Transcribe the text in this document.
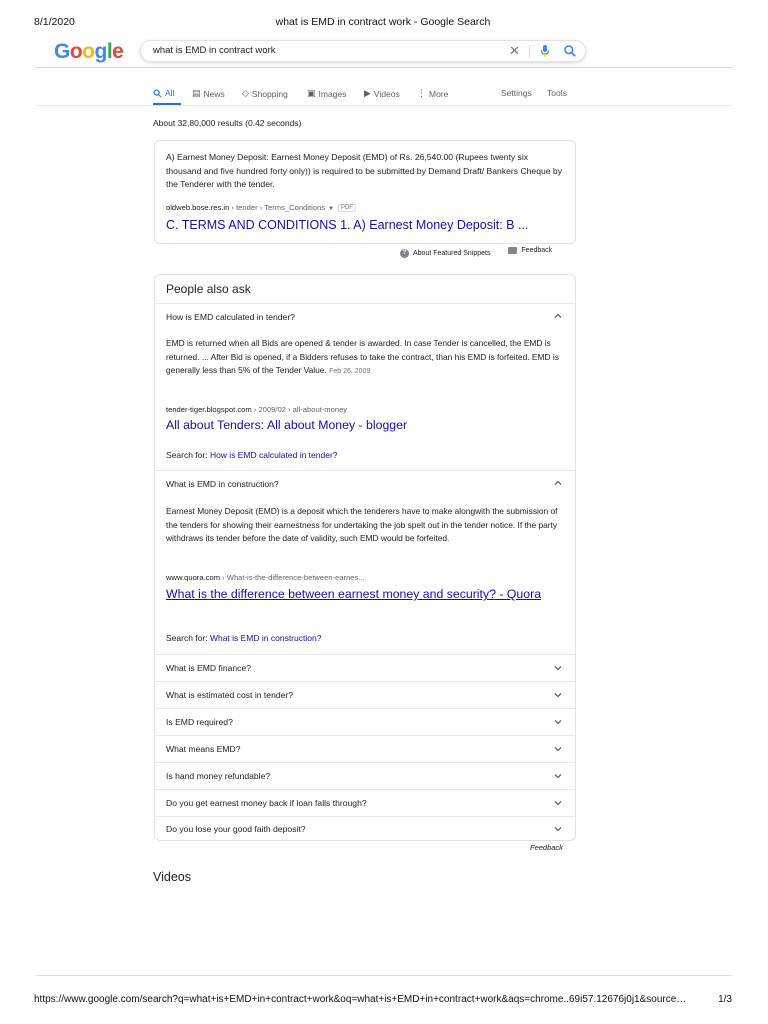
8/1/2020	what is EMD in contract work - Google Search
Google	what is EMD in contract work	✕
All ▤ News ◇ Shopping ▣ Images ▶ Videos ⋮ More	Settings Tools
About 32,80,000 results (0.42 seconds)
A) Earnest Money Deposit: Earnest Money Deposit (EMD) of Rs. 26,540.00 (Rupees twenty six thousand and five hundred forty only)) is required to be submitted by Demand Draft/ Bankers Cheque by the Tenderer with the tender.
oldweb.bose.res.in › tender › Terms_Conditions ▼ PDF
C. TERMS AND CONDITIONS 1. A) Earnest Money Deposit: B ...
? About Featured Snippets
	Feedback
People also ask
How is EMD calculated in tender?
EMD is returned when all Bids are opened & tender is awarded. In case Tender is cancelled, the EMD is returned. ... After Bid is opened, if a Bidders refuses to take the contract, than his EMD is forfeited. EMD is generally less than 5% of the Tender Value. Feb 26, 2009
tender-tiger.blogspot.com › 2009/02 › all-about-money
All about Tenders: All about Money - blogger
Search for: How is EMD calculated in tender?
What is EMD in construction?
Earnest Money Deposit (EMD) is a deposit which the tenderers have to make alongwith the submission of the tenders for showing their earnestness for undertaking the job spelt out in the tender notice. If the party withdraws its tender before the date of validity, such EMD would be forfeited.
www.quora.com › What-is-the-difference-between-earnes...
What is the difference between earnest money and security? - Quora
Search for: What is EMD in construction?
What is EMD finance?
What is estimated cost in tender?
Is EMD required?
What means EMD?
Is hand money refundable?
Do you get earnest money back if loan falls through?
Do you lose your good faith deposit?
Feedback
Videos
https://www.google.com/search?q=what+is+EMD+in+contract+work&oq=what+is+EMD+in+contract+work&aqs=chrome..69i57.12676j0j1&source…	1/3
